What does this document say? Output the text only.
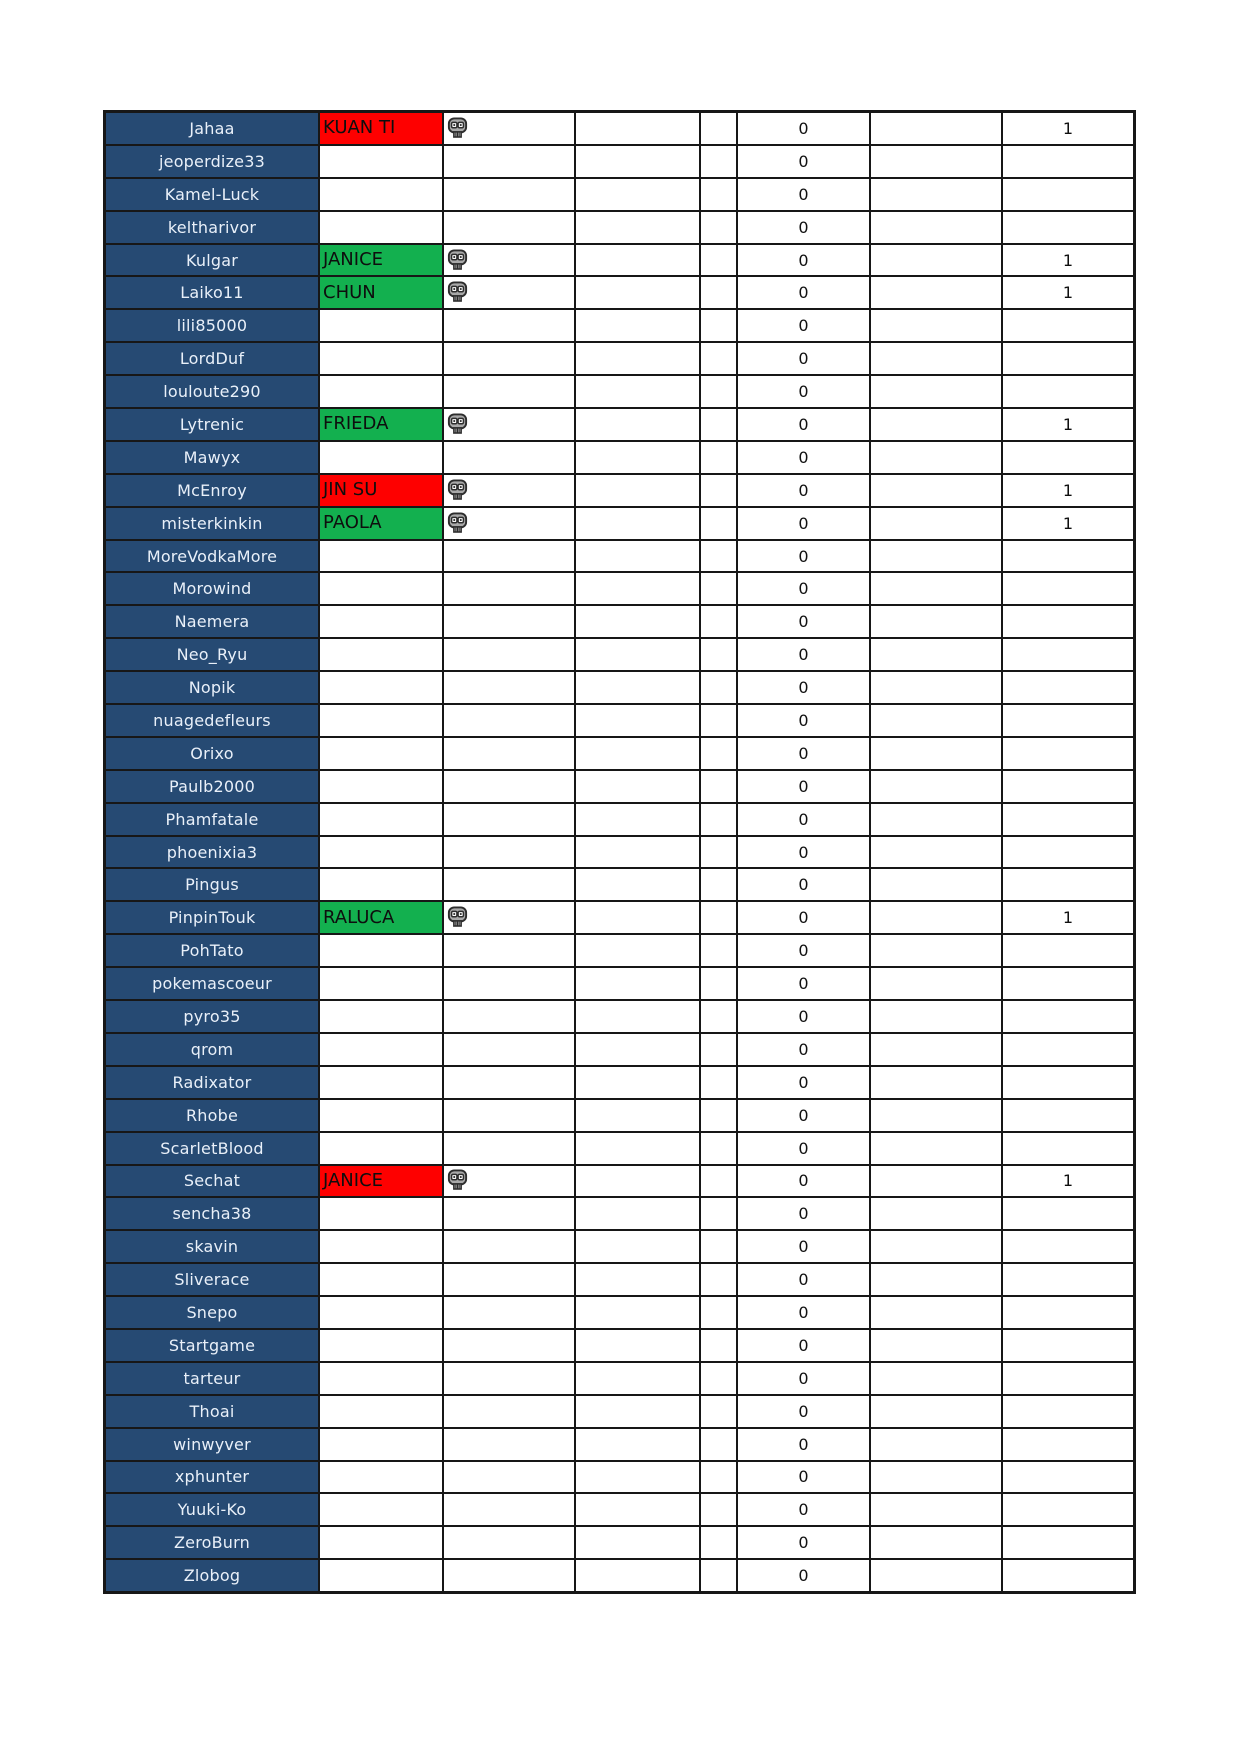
Jahaa	KUAN TI				0		1
jeoperdize33					0		
Kamel-Luck					0		
keltharivor					0		
Kulgar	JANICE				0		1
Laiko11	CHUN				0		1
lili85000					0		
LordDuf					0		
louloute290					0		
Lytrenic	FRIEDA				0		1
Mawyx					0		
McEnroy	JIN SU				0		1
misterkinkin	PAOLA				0		1
MoreVodkaMore					0		
Morowind					0		
Naemera					0		
Neo_Ryu					0		
Nopik					0		
nuagedefleurs					0		
Orixo					0		
Paulb2000					0		
Phamfatale					0		
phoenixia3					0		
Pingus					0		
PinpinTouk	RALUCA				0		1
PohTato					0		
pokemascoeur					0		
pyro35					0		
qrom					0		
Radixator					0		
Rhobe					0		
ScarletBlood					0		
Sechat	JANICE				0		1
sencha38					0		
skavin					0		
Sliverace					0		
Snepo					0		
Startgame					0		
tarteur					0		
Thoai					0		
winwyver					0		
xphunter					0		
Yuuki-Ko					0		
ZeroBurn					0		
Zlobog					0		
